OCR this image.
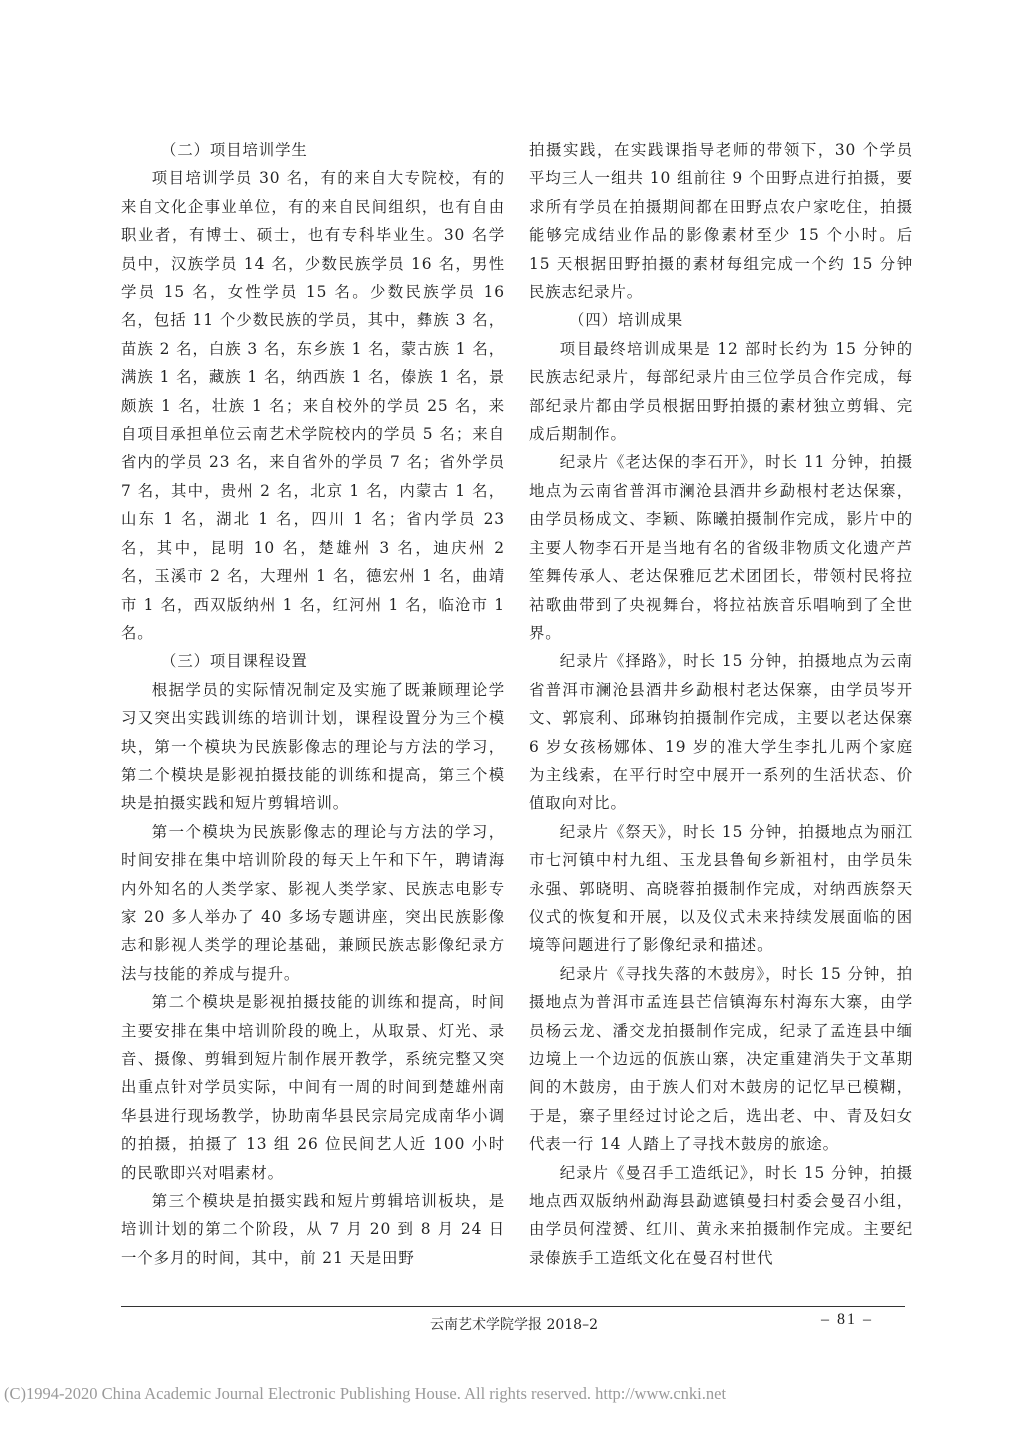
（二）项目培训学生

项目培训学员 30 名，有的来自大专院校，有的来自文化企事业单位，有的来自民间组织，也有自由职业者，有博士、硕士，也有专科毕业生。30 名学员中，汉族学员 14 名，少数民族学员 16 名，男性学员 15 名，女性学员 15 名。少数民族学员 16 名，包括 11 个少数民族的学员，其中，彝族 3 名，苗族 2 名，白族 3 名，东乡族 1 名，蒙古族 1 名，满族 1 名，藏族 1 名，纳西族 1 名，傣族 1 名，景颇族 1 名，壮族 1 名；来自校外的学员 25 名，来自项目承担单位云南艺术学院校内的学员 5 名；来自省内的学员 23 名，来自省外的学员 7 名；省外学员 7 名，其中，贵州 2 名，北京 1 名，内蒙古 1 名，山东 1 名，湖北 1 名，四川 1 名；省内学员 23 名，其中，昆明 10 名，楚雄州 3 名，迪庆州 2 名，玉溪市 2 名，大理州 1 名，德宏州 1 名，曲靖市 1 名，西双版纳州 1 名，红河州 1 名，临沧市 1 名。

（三）项目课程设置

根据学员的实际情况制定及实施了既兼顾理论学习又突出实践训练的培训计划，课程设置分为三个模块，第一个模块为民族影像志的理论与方法的学习，第二个模块是影视拍摄技能的训练和提高，第三个模块是拍摄实践和短片剪辑培训。

第一个模块为民族影像志的理论与方法的学习，时间安排在集中培训阶段的每天上午和下午，聘请海内外知名的人类学家、影视人类学家、民族志电影专家 20 多人举办了 40 多场专题讲座，突出民族影像志和影视人类学的理论基础，兼顾民族志影像纪录方法与技能的养成与提升。

第二个模块是影视拍摄技能的训练和提高，时间主要安排在集中培训阶段的晚上，从取景、灯光、录音、摄像、剪辑到短片制作展开教学，系统完整又突出重点针对学员实际，中间有一周的时间到楚雄州南华县进行现场教学，协助南华县民宗局完成南华小调的拍摄，拍摄了 13 组 26 位民间艺人近 100 小时的民歌即兴对唱素材。

第三个模块是拍摄实践和短片剪辑培训板块，是培训计划的第二个阶段，从 7 月 20 到 8 月 24 日一个多月的时间，其中，前 21 天是田野

拍摄实践，在实践课指导老师的带领下，30 个学员平均三人一组共 10 组前往 9 个田野点进行拍摄，要求所有学员在拍摄期间都在田野点农户家吃住，拍摄能够完成结业作品的影像素材至少 15 个小时。后 15 天根据田野拍摄的素材每组完成一个约 15 分钟民族志纪录片。

（四）培训成果

项目最终培训成果是 12 部时长约为 15 分钟的民族志纪录片，每部纪录片由三位学员合作完成，每部纪录片都由学员根据田野拍摄的素材独立剪辑、完成后期制作。

纪录片《老达保的李石开》，时长 11 分钟，拍摄地点为云南省普洱市澜沧县酒井乡勐根村老达保寨，由学员杨成文、李颖、陈曦拍摄制作完成，影片中的主要人物李石开是当地有名的省级非物质文化遗产芦笙舞传承人、老达保雅厄艺术团团长，带领村民将拉祜歌曲带到了央视舞台，将拉祜族音乐唱响到了全世界。

纪录片《择路》，时长 15 分钟，拍摄地点为云南省普洱市澜沧县酒井乡勐根村老达保寨，由学员岑开文、郭宸利、邱琳钧拍摄制作完成，主要以老达保寨 6 岁女孩杨娜体、19 岁的准大学生李扎儿两个家庭为主线索，在平行时空中展开一系列的生活状态、价值取向对比。

纪录片《祭天》，时长 15 分钟，拍摄地点为丽江市七河镇中村九组、玉龙县鲁甸乡新祖村，由学员朱永强、郭晓明、高晓蓉拍摄制作完成，对纳西族祭天仪式的恢复和开展，以及仪式未来持续发展面临的困境等问题进行了影像纪录和描述。

纪录片《寻找失落的木鼓房》，时长 15 分钟，拍摄地点为普洱市孟连县芒信镇海东村海东大寨，由学员杨云龙、潘交龙拍摄制作完成，纪录了孟连县中缅边境上一个边远的佤族山寨，决定重建消失于文革期间的木鼓房，由于族人们对木鼓房的记忆早已模糊，于是，寨子里经过讨论之后，选出老、中、青及妇女代表一行 14 人踏上了寻找木鼓房的旅途。

纪录片《曼召手工造纸记》，时长 15 分钟，拍摄地点西双版纳州勐海县勐遮镇曼扫村委会曼召小组，由学员何滢赟、红川、黄永来拍摄制作完成。主要纪录傣族手工造纸文化在曼召村世代

云南艺术学院学报 2018–2	– 81 –
(C)1994-2020 China Academic Journal Electronic Publishing House. All rights reserved. http://www.cnki.net
